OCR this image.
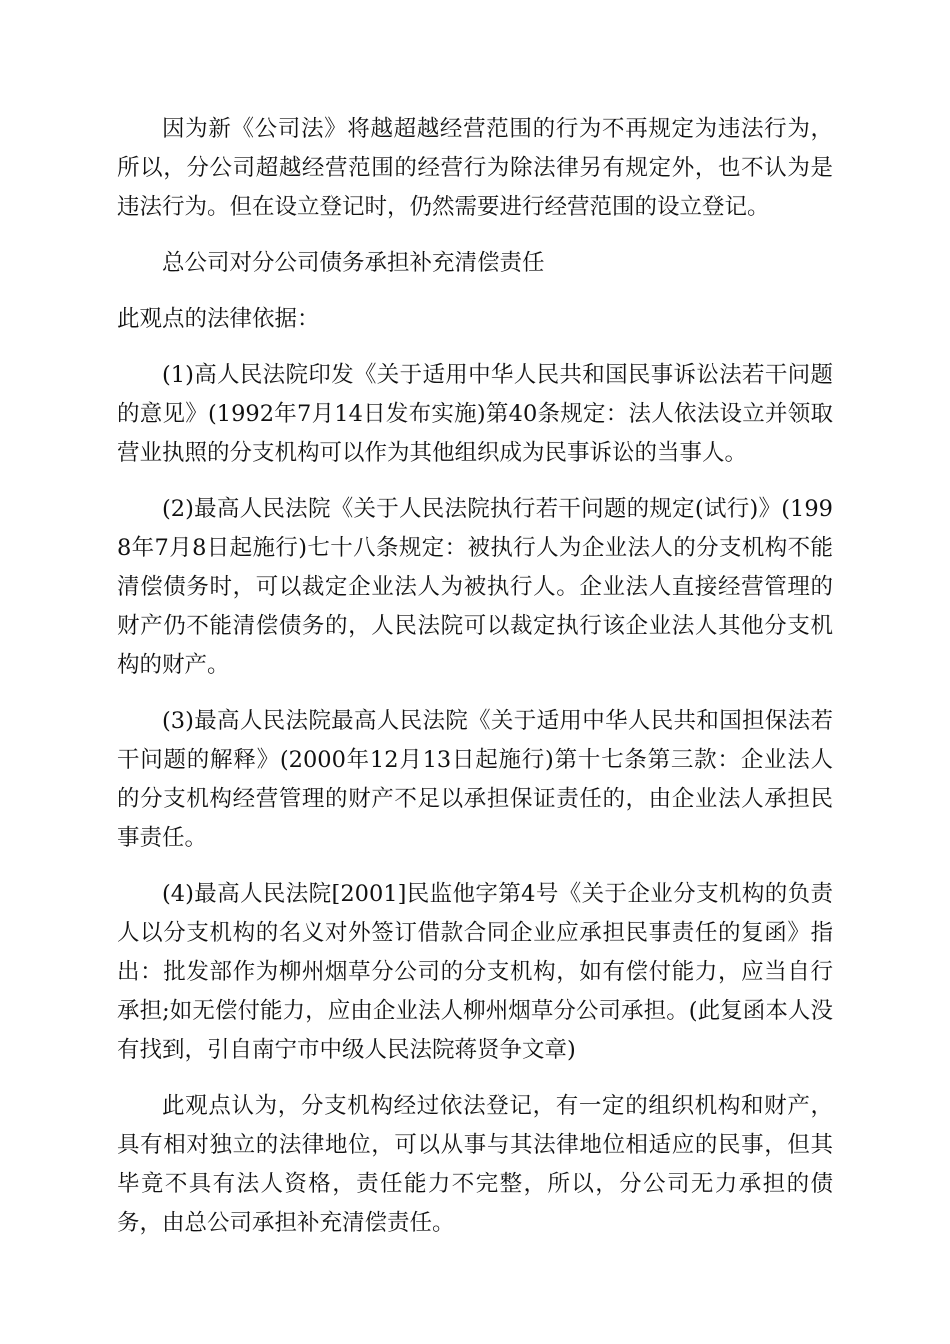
因为新《公司法》将越超越经营范围的行为不再规定为违法行为，所以，分公司超越经营范围的经营行为除法律另有规定外，也不认为是违法行为。但在设立登记时，仍然需要进行经营范围的设立登记。

总公司对分公司债务承担补充清偿责任

此观点的法律依据：

(1)高人民法院印发《关于适用中华人民共和国民事诉讼法若干问题的意见》(1992年7月14日发布实施)第40条规定：法人依法设立并领取营业执照的分支机构可以作为其他组织成为民事诉讼的当事人。

(2)最高人民法院《关于人民法院执行若干问题的规定(试行)》(1998年7月8日起施行)七十八条规定：被执行人为企业法人的分支机构不能清偿债务时，可以裁定企业法人为被执行人。企业法人直接经营管理的财产仍不能清偿债务的，人民法院可以裁定执行该企业法人其他分支机构的财产。

(3)最高人民法院最高人民法院《关于适用中华人民共和国担保法若干问题的解释》(2000年12月13日起施行)第十七条第三款：企业法人的分支机构经营管理的财产不足以承担保证责任的，由企业法人承担民事责任。

(4)最高人民法院[2001]民监他字第4号《关于企业分支机构的负责人以分支机构的名义对外签订借款合同企业应承担民事责任的复函》指出：批发部作为柳州烟草分公司的分支机构，如有偿付能力，应当自行承担;如无偿付能力，应由企业法人柳州烟草分公司承担。(此复函本人没有找到，引自南宁市中级人民法院蒋贤争文章)

此观点认为，分支机构经过依法登记，有一定的组织机构和财产，具有相对独立的法律地位，可以从事与其法律地位相适应的民事，但其毕竟不具有法人资格，责任能力不完整，所以，分公司无力承担的债务，由总公司承担补充清偿责任。
